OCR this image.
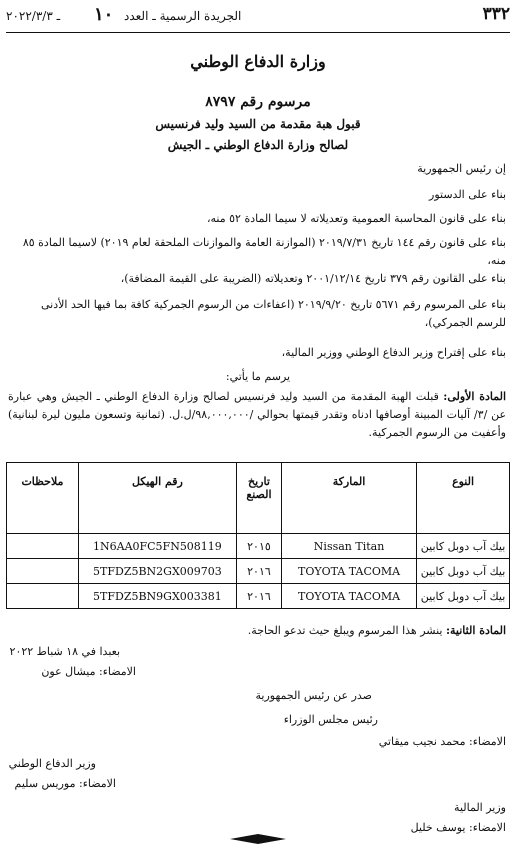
٣٣٢
الجريدة الرسمية ـ العدد
١٠
ـ ٢٠٢٢/٣/٣
وزارة الدفاع الوطني
مرسوم رقم ٨٧٩٧
قبول هبة مقدمة من السيد وليد فرنسيس
لصالح وزارة الدفاع الوطني ـ الجيش
إن رئيس الجمهورية
بناء على الدستور
بناء على قانون المحاسبة العمومية وتعديلاته لا سيما المادة ٥٢ منه،
بناء على قانون رقم ١٤٤ تاريخ ٢٠١٩/٧/٣١ (الموازنة العامة والموازنات الملحقة لعام ٢٠١٩) لاسيما المادة ٨٥ منه،
بناء على القانون رقم ٣٧٩ تاريخ ٢٠٠١/١٢/١٤ وتعديلاته (الضريبة على القيمة المضافة)،
بناء على المرسوم رقم ٥٦٧١ تاريخ ٢٠١٩/٩/٢٠ (اعفاءات من الرسوم الجمركية كافة بما فيها الحد الأدنى للرسم الجمركي)،
بناء على إقتراح وزير الدفاع الوطني ووزير المالية،
يرسم ما يأتي:
المادة الأولى: قبلت الهبة المقدمة من السيد وليد فرنسيس لصالح وزارة الدفاع الوطني ـ الجيش وهي عبارة عن /٣/ آليات المبينة أوصافها ادناه وتقدر قيمتها بحوالي /٩٨,٠٠٠,٠٠٠/ل.ل. (ثمانية وتسعون مليون ليرة لبنانية) وأعفيت من الرسوم الجمركية.
النوع	الماركة	تاريخ الصنع	رقم الهيكل	ملاحظات
بيك آب دوبل كابين	Nissan Titan	٢٠١٥	1N6AA0FC5FN508119	
بيك آب دوبل كابين	TOYOTA TACOMA	٢٠١٦	5TFDZ5BN2GX009703	
بيك آب دوبل كابين	TOYOTA TACOMA	٢٠١٦	5TFDZ5BN9GX003381	
المادة الثانية: ينشر هذا المرسوم ويبلغ حيث تدعو الحاجة.
بعبدا في ١٨ شباط ٢٠٢٢
الامضاء: ميشال عون
صدر عن رئيس الجمهورية
رئيس مجلس الوزراء
الامضاء: محمد نجيب ميقاتي
وزير الدفاع الوطني
الامضاء: موريس سليم
وزير المالية
الامضاء: يوسف خليل
